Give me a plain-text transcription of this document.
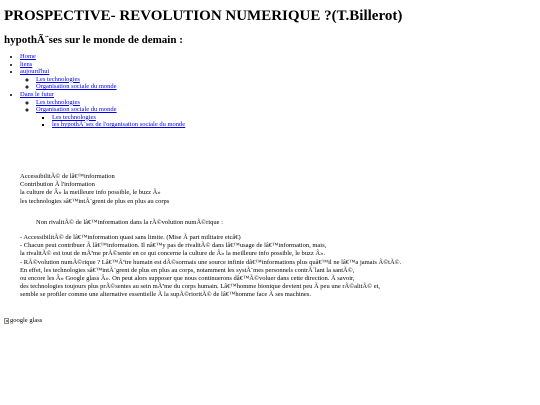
PROSPECTIVE- REVOLUTION NUMERIQUE ?(T.Billerot)
hypothÃ¨ses sur le monde de demain :
• Home
• liens
• aujourd'hui
◦ Les technologies
◦ Organisation sociale du monde
• Dans le futur
◦ Les technologies
◦ Organisation sociale du monde
▪ Les technologies
▪ les hypothÃ¨ses de l'organisation sociale du monde
AccessibilitÃ© de lâ€™information
Contribution Ã l'information
la culture de Â» la meilleure info possible, le buzz Â»
les technologies sâ€™intÃ¨grent de plus en plus au corps
Non rivalitÃ© de lâ€™information dans la rÃ©volution numÃ©rique :
- AccessibilitÃ© de lâ€™information quasi sans limite. (Mise Ã part militaire etcâ€)
- Chacun peut contribuer Ã lâ€™information. Il nâ€™y pas de rivalitÃ© dans lâ€™usage de lâ€™information, mais,
la rivalitÃ© est tout de mÃªme prÃ©sente en ce qui concerne la culture de Â» la meilleure info possible, le buzz Â».
- RÃ©volution numÃ©rique ? Lâ€™Ãªtre humain est dÃ©sormais une source infinie dâ€™informations plus quâ€™il ne lâ€™a jamais Ã©tÃ©.
En effet, les technologies sâ€™intÃ¨grent de plus en plus au corps, notamment les systÃ¨mes personnels contrÃ´lant la santÃ©,
ou encore les Â» Google glass Â». On peut alors supposer que nous continuerons dâ€™Ã©voluer dans cette direction. Ã savoir,
des technologies toujours plus prÃ©sentes au sein mÃªme du corps humain. Lâ€™homme bionique devient peu Ã peu une rÃ©alitÃ© et,
semble se profiler comme une alternative essentielle Ã la supÃ©rioritÃ© de lâ€™homme face Ã ses machines.
google glass
